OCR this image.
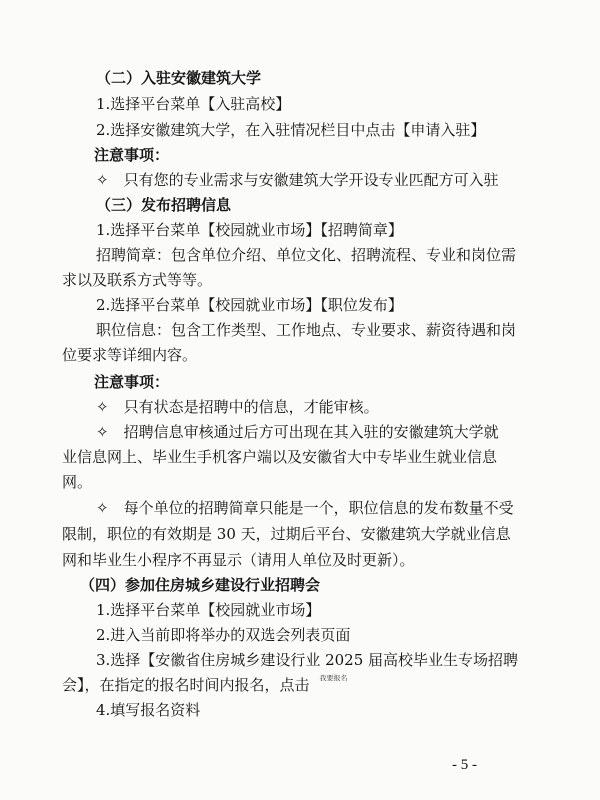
（二）入驻安徽建筑大学
1.选择平台菜单【入驻高校】
2.选择安徽建筑大学，在入驻情况栏目中点击【申请入驻】
注意事项：
✧　只有您的专业需求与安徽建筑大学开设专业匹配方可入驻
（三）发布招聘信息
1.选择平台菜单【校园就业市场】【招聘简章】
招聘简章：包含单位介绍、单位文化、招聘流程、专业和岗位需
求以及联系方式等等。
2.选择平台菜单【校园就业市场】【职位发布】
职位信息：包含工作类型、工作地点、专业要求、薪资待遇和岗
位要求等详细内容。
注意事项：
✧　只有状态是招聘中的信息，才能审核。
✧　招聘信息审核通过后方可出现在其入驻的安徽建筑大学就
业信息网上、毕业生手机客户端以及安徽省大中专毕业生就业信息
网。
✧　每个单位的招聘简章只能是一个，职位信息的发布数量不受
限制，职位的有效期是 30 天，过期后平台、安徽建筑大学就业信息
网和毕业生小程序不再显示（请用人单位及时更新）。
（四）参加住房城乡建设行业招聘会
1.选择平台菜单【校园就业市场】
2.进入当前即将举办的双选会列表页面
3.选择【安徽省住房城乡建设行业 2025 届高校毕业生专场招聘
会】，在指定的报名时间内报名，点击 我要报名
4.填写报名资料
- 5 -
